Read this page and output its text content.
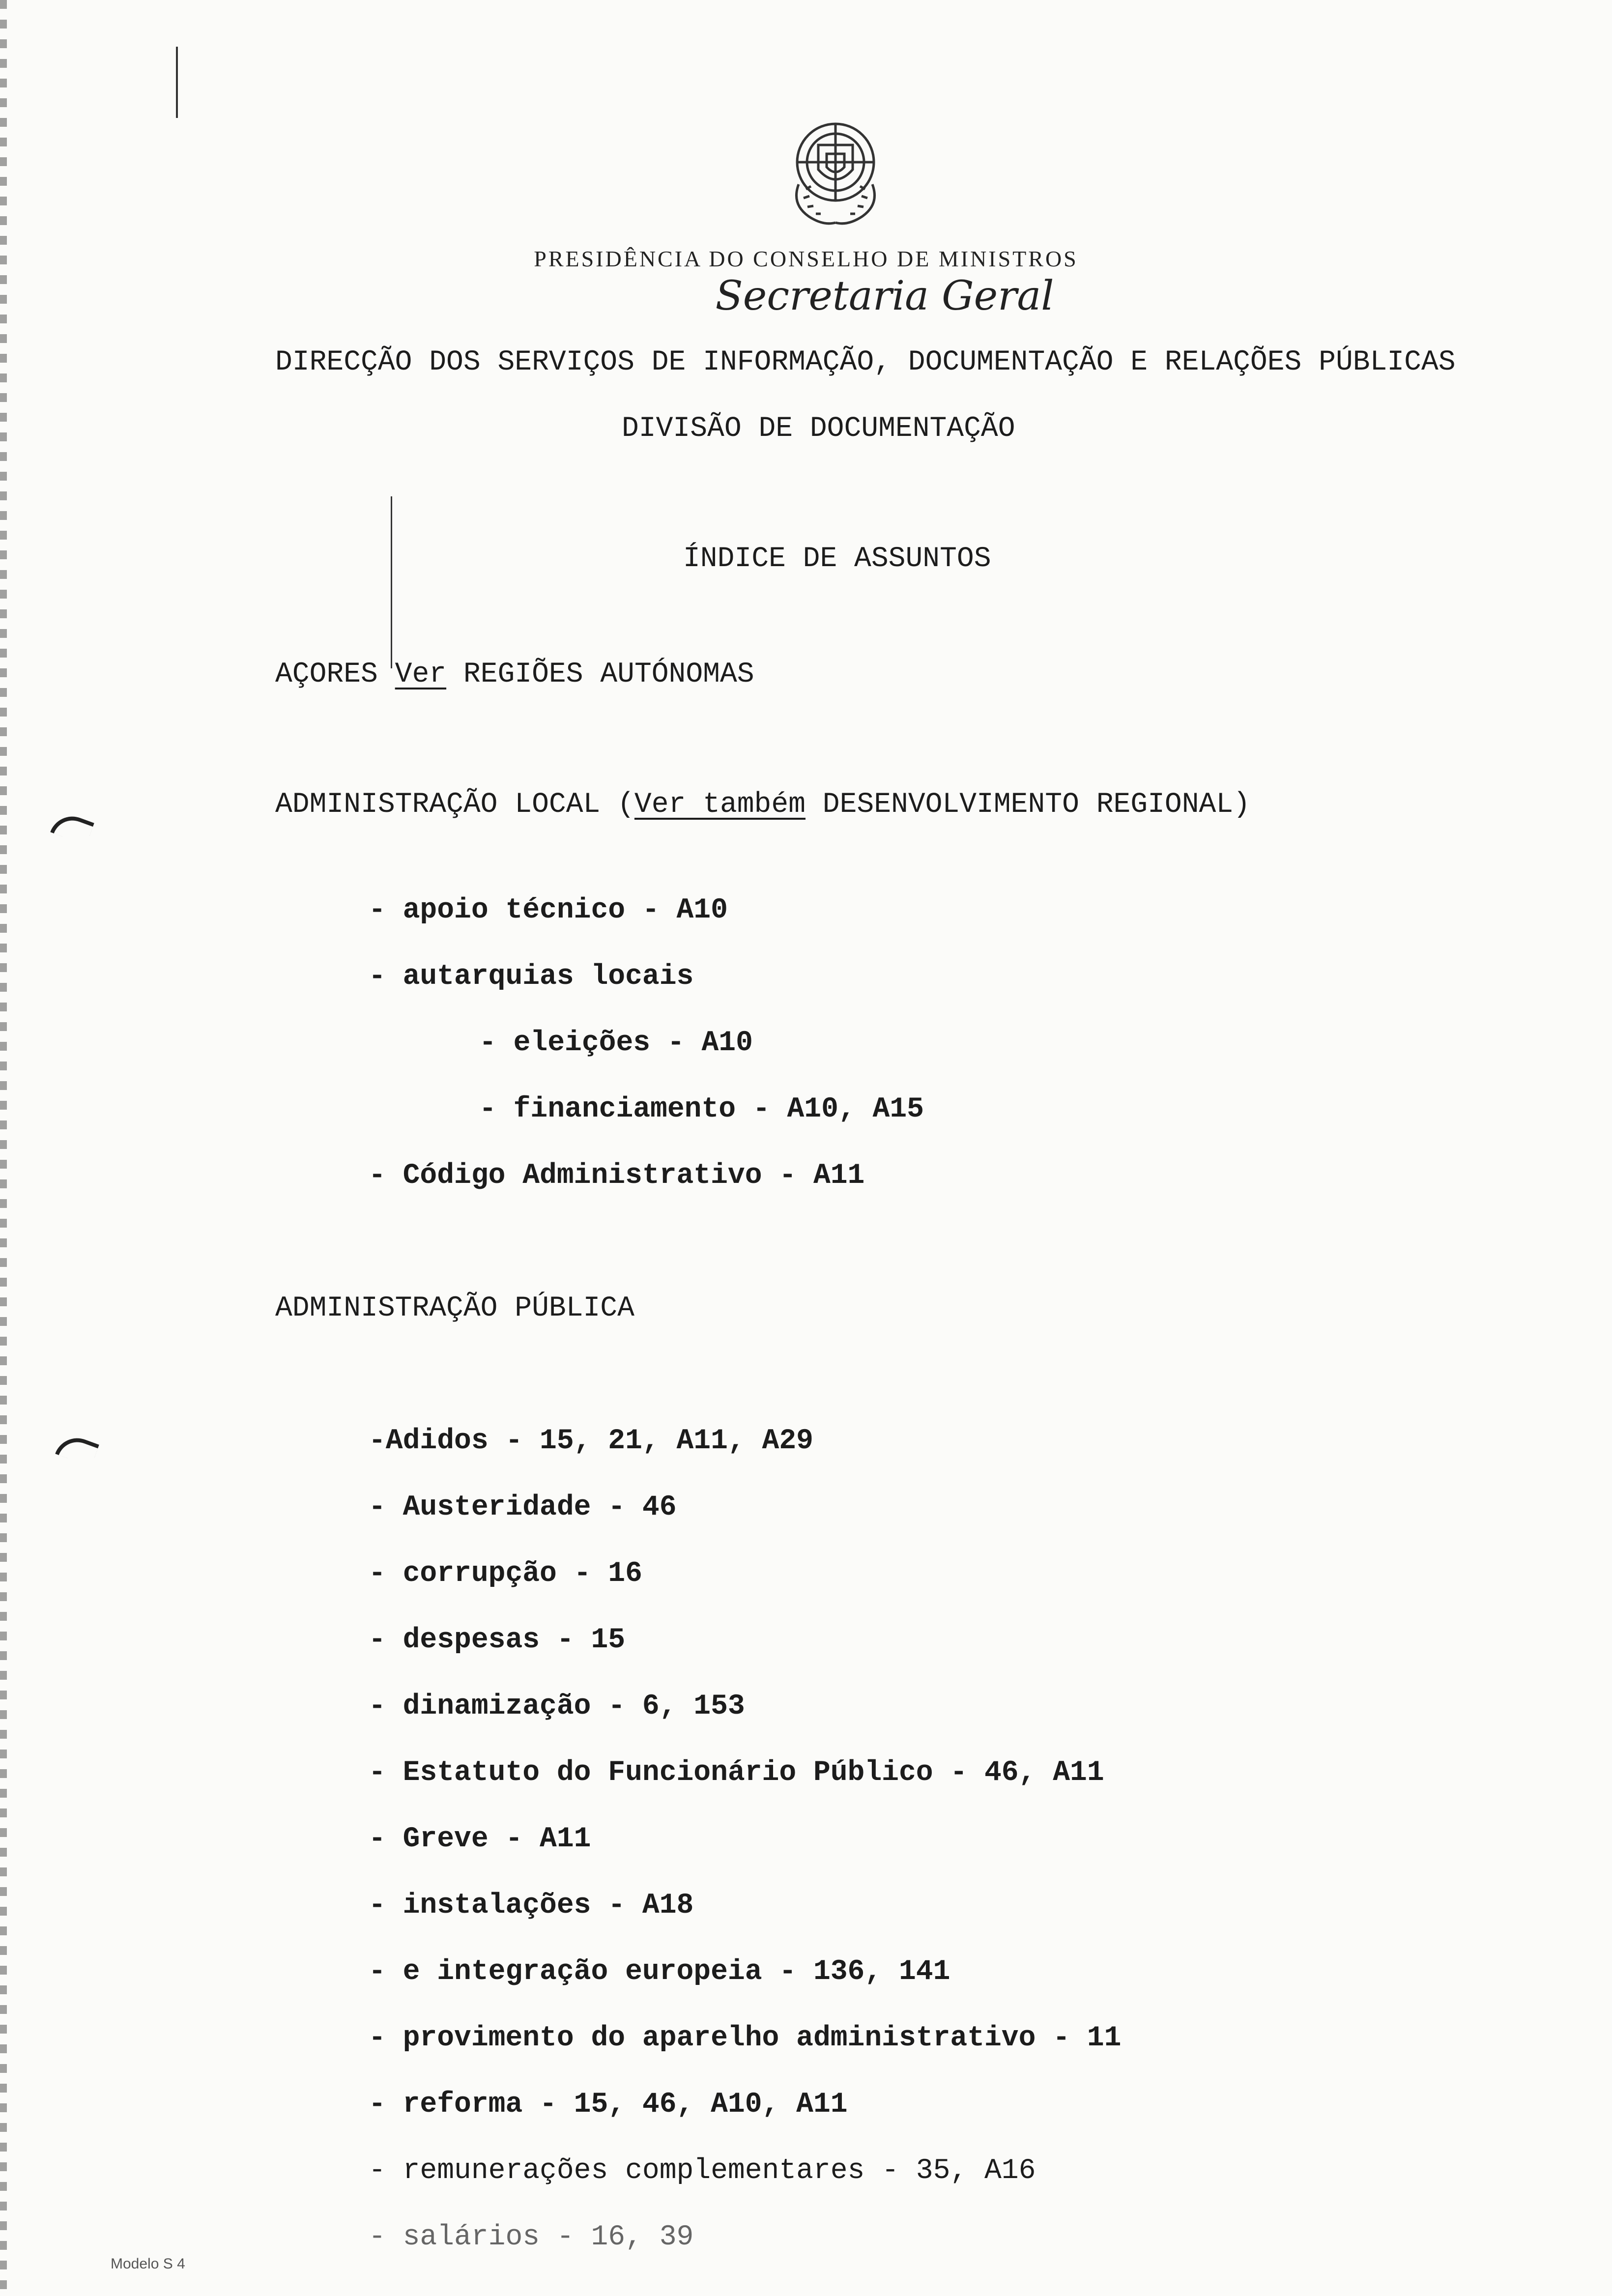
PRESIDÊNCIA DO CONSELHO DE MINISTROS
Secretaria Geral
DIRECÇÃO DOS SERVIÇOS DE INFORMAÇÃO, DOCUMENTAÇÃO E RELAÇÕES PÚBLICAS
DIVISÃO DE DOCUMENTAÇÃO
ÍNDICE DE ASSUNTOS
AÇORES Ver REGIÕES AUTÓNOMAS
ADMINISTRAÇÃO LOCAL (Ver também DESENVOLVIMENTO REGIONAL)
- apoio técnico - A10
- autarquias locais
- eleições - A10
- financiamento - A10, A15
- Código Administrativo - A11
ADMINISTRAÇÃO PÚBLICA
-Adidos - 15, 21, A11, A29
- Austeridade - 46
- corrupção - 16
- despesas - 15
- dinamização - 6, 153
- Estatuto do Funcionário Público - 46, A11
- Greve - A11
- instalações - A18
- e integração europeia - 136, 141
- provimento do aparelho administrativo - 11
- reforma - 15, 46, A10, A11
- remunerações complementares - 35, A16
- salários - 16, 39
Modelo S 4
